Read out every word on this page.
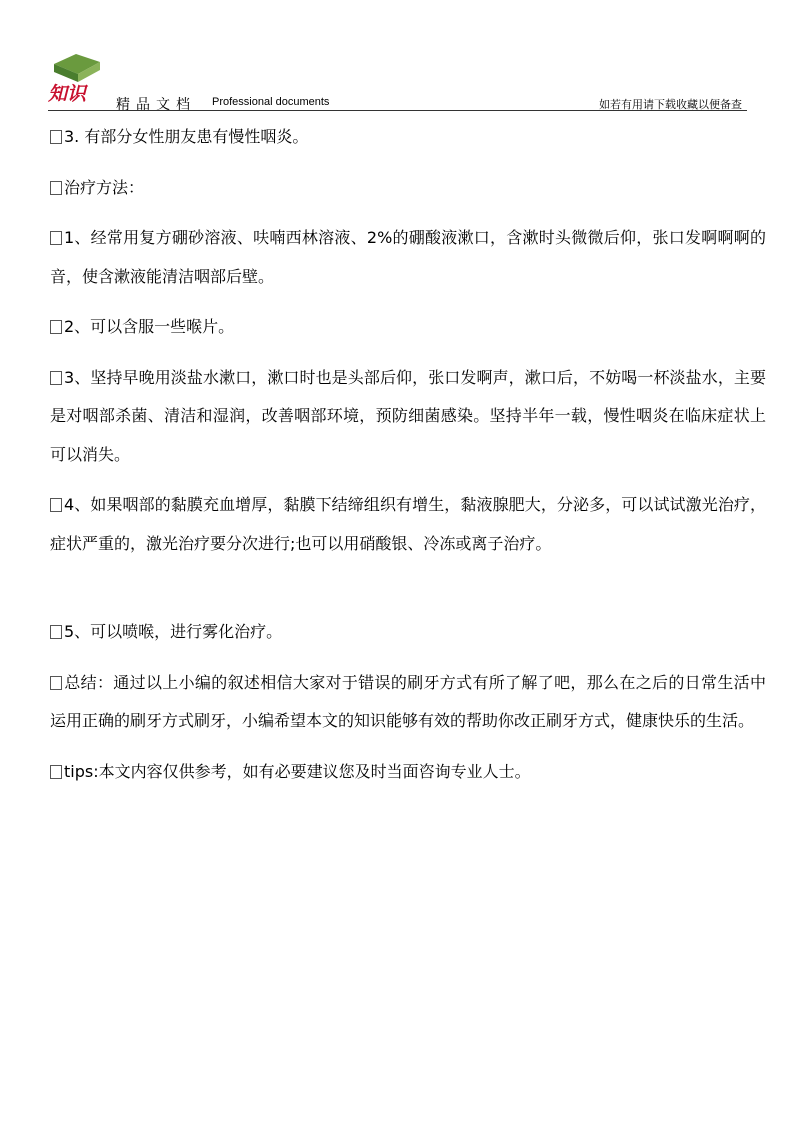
知识 精品文档 Professional documents	如若有用请下载收藏以便备查

3. 有部分女性朋友患有慢性咽炎。

治疗方法：

1、经常用复方硼砂溶液、呋喃西林溶液、2%的硼酸液漱口，含漱时头微微后仰，张口发啊啊啊的音，使含漱液能清洁咽部后壁。

2、可以含服一些喉片。

3、坚持早晚用淡盐水漱口，漱口时也是头部后仰，张口发啊声，漱口后，不妨喝一杯淡盐水，主要是对咽部杀菌、清洁和湿润，改善咽部环境，预防细菌感染。坚持半年一载，慢性咽炎在临床症状上可以消失。

4、如果咽部的黏膜充血增厚，黏膜下结缔组织有增生，黏液腺肥大，分泌多，可以试试激光治疗，症状严重的，激光治疗要分次进行;也可以用硝酸银、冷冻或离子治疗。

5、可以喷喉，进行雾化治疗。

总结：通过以上小编的叙述相信大家对于错误的刷牙方式有所了解了吧，那么在之后的日常生活中运用正确的刷牙方式刷牙，小编希望本文的知识能够有效的帮助你改正刷牙方式，健康快乐的生活。

tips:本文内容仅供参考，如有必要建议您及时当面咨询专业人士。
